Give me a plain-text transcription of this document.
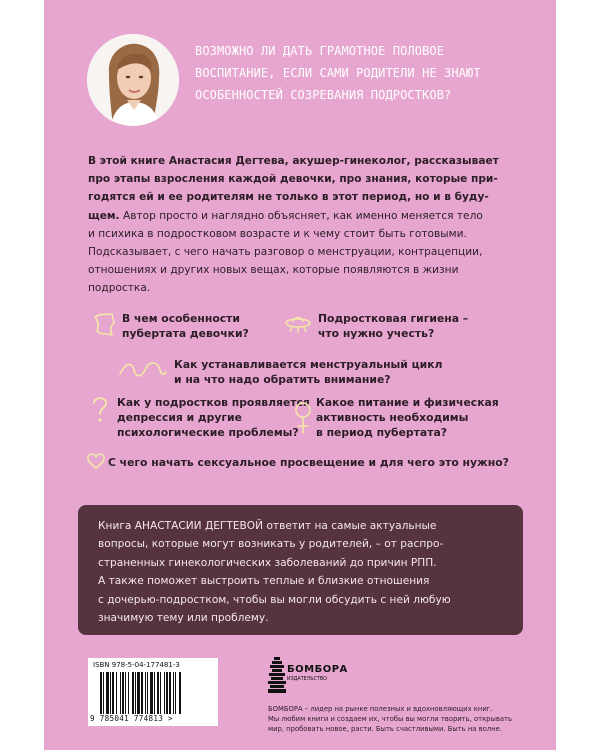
ВОЗМОЖНО ЛИ ДАТЬ ГРАМОТНОЕ ПОЛОВОЕ
ВОСПИТАНИЕ, ЕСЛИ САМИ РОДИТЕЛИ НЕ ЗНАЮТ
ОСОБЕННОСТЕЙ СОЗРЕВАНИЯ ПОДРОСТКОВ?
В этой книге Анастасия Дегтева, акушер-гинеколог, рассказывает
про этапы взросления каждой девочки, про знания, которые при-
годятся ей и ее родителям не только в этот период, но и в буду-
щем. Автор просто и наглядно объясняет, как именно меняется тело
и психика в подростковом возрасте и к чему стоит быть готовыми.
Подсказывает, с чего начать разговор о менструации, контрацепции,
отношениях и других новых вещах, которые появляются в жизни
подростка.
В чем особенности
пубертата девочки?
Подростковая гигиена –
что нужно учесть?
Как устанавливается менструальный цикл
и на что надо обратить внимание?
Как у подростков проявляется
депрессия и другие
психологические проблемы?
Какое питание и физическая
активность необходимы
в период пубертата?
С чего начать сексуальное просвещение и для чего это нужно?
Книга АНАСТАСИИ ДЕГТЕВОЙ ответит на самые актуальные
вопросы, которые могут возникать у родителей, – от распро-
страненных гинекологических заболеваний до причин РПП.
А также поможет выстроить теплые и близкие отношения
с дочерью-подростком, чтобы вы могли обсудить с ней любую
значимую тему или проблему.
ISBN 978-5-04-177481-3
9 785041 774813 >
БОМБОРА
ИЗДАТЕЛЬСТВО
БОМБОРА – лидер на рынке полезных и вдохновляющих книг.
Мы любим книги и создаем их, чтобы вы могли творить, открывать
мир, пробовать новое, расти. Быть счастливыми. Быть на волне.
